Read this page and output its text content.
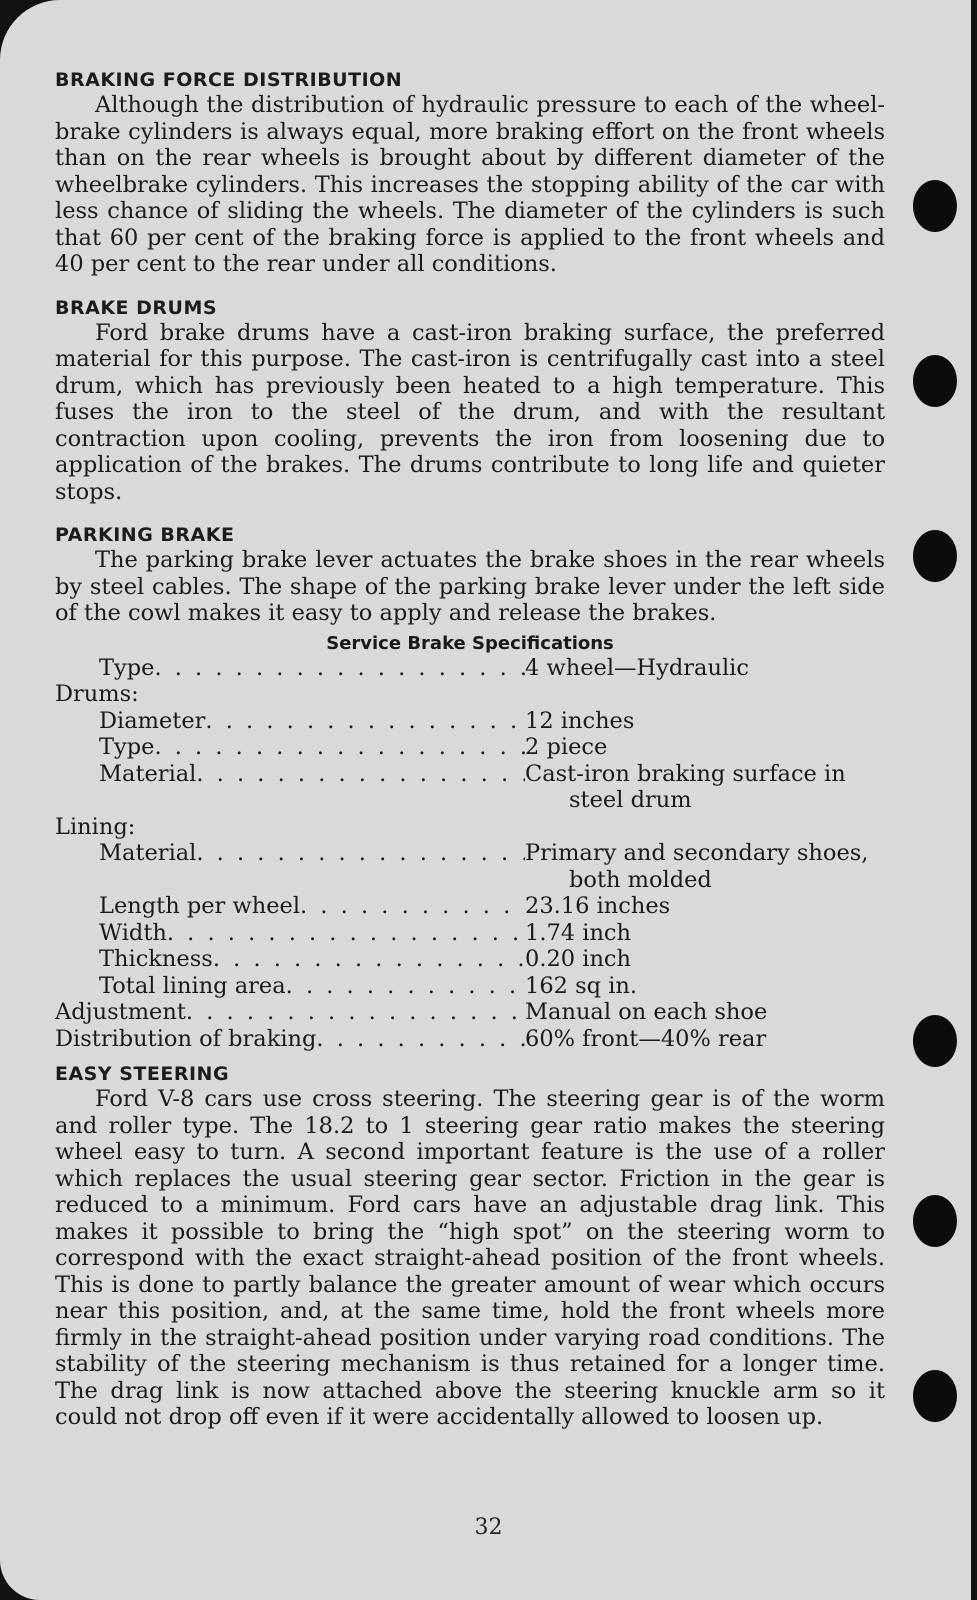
BRAKING FORCE DISTRIBUTION

Although the distribution of hydraulic pressure to each of the wheel-brake cylinders is always equal, more braking effort on the front wheels than on the rear wheels is brought about by different diameter of the wheelbrake cylinders. This increases the stopping ability of the car with less chance of sliding the wheels. The diameter of the cylinders is such that 60 per cent of the braking force is applied to the front wheels and 40 per cent to the rear under all conditions.

BRAKE DRUMS

Ford brake drums have a cast-iron braking surface, the preferred material for this purpose. The cast-iron is centrifugally cast into a steel drum, which has previously been heated to a high temperature. This fuses the iron to the steel of the drum, and with the resultant contraction upon cooling, prevents the iron from loosening due to application of the brakes. The drums contribute to long life and quieter stops.

PARKING BRAKE

The parking brake lever actuates the brake shoes in the rear wheels by steel cables. The shape of the parking brake lever under the left side of the cowl makes it easy to apply and release the brakes.

Service Brake Specifications
Type . . .	4 wheel—Hydraulic
Drums:
Diameter . . .	12 inches
Type . . .	2 piece
Material . . .	Cast-iron braking surface in
steel drum
Lining:
Material . . .	Primary and secondary shoes,
both molded
Length per wheel . . .	23.16 inches
Width . . .	1.74 inch
Thickness . . .	0.20 inch
Total lining area . . .	162 sq in.
Adjustment . . .	Manual on each shoe
Distribution of braking . . .	60% front—40% rear
EASY STEERING

Ford V-8 cars use cross steering. The steering gear is of the worm and roller type. The 18.2 to 1 steering gear ratio makes the steering wheel easy to turn. A second important feature is the use of a roller which replaces the usual steering gear sector. Friction in the gear is reduced to a minimum. Ford cars have an adjustable drag link. This makes it possible to bring the “high spot” on the steering worm to correspond with the exact straight-ahead position of the front wheels. This is done to partly balance the greater amount of wear which occurs near this position, and, at the same time, hold the front wheels more firmly in the straight-ahead position under varying road conditions. The stability of the steering mechanism is thus retained for a longer time. The drag link is now attached above the steering knuckle arm so it could not drop off even if it were accidentally allowed to loosen up.

32
